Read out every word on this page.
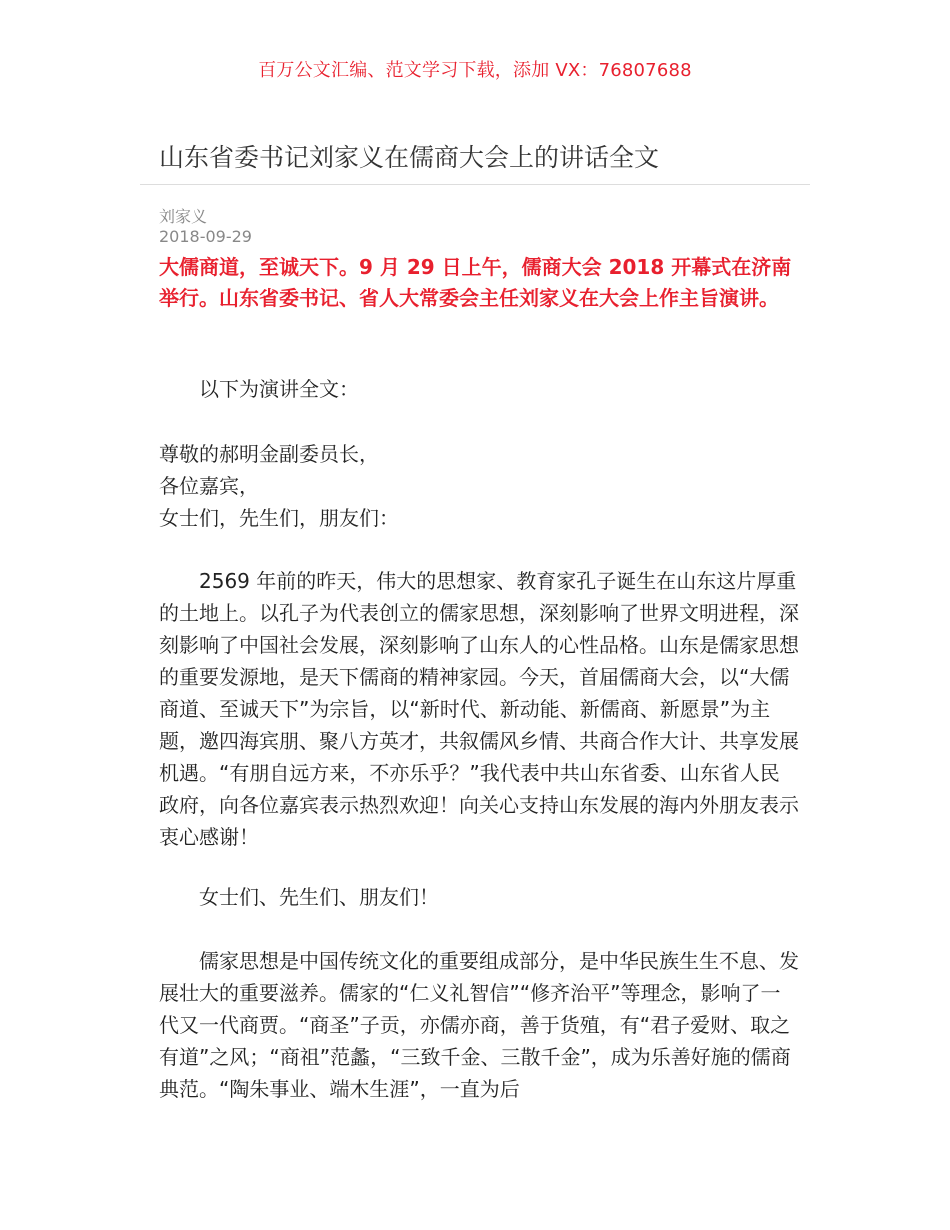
百万公文汇编、范文学习下载，添加 VX：76807688
山东省委书记刘家义在儒商大会上的讲话全文
刘家义
2018-09-29

大儒商道，至诚天下。9 月 29 日上午，儒商大会 2018 开幕式在济南举行。山东省委书记、省人大常委会主任刘家义在大会上作主旨演讲。

以下为演讲全文：

尊敬的郝明金副委员长，

各位嘉宾，

女士们，先生们，朋友们：

2569 年前的昨天，伟大的思想家、教育家孔子诞生在山东这片厚重的土地上。以孔子为代表创立的儒家思想，深刻影响了世界文明进程，深刻影响了中国社会发展，深刻影响了山东人的心性品格。山东是儒家思想的重要发源地，是天下儒商的精神家园。今天，首届儒商大会，以“大儒商道、至诚天下”为宗旨，以“新时代、新动能、新儒商、新愿景”为主题，邀四海宾朋、聚八方英才，共叙儒风乡情、共商合作大计、共享发展机遇。“有朋自远方来，不亦乐乎？”我代表中共山东省委、山东省人民政府，向各位嘉宾表示热烈欢迎！向关心支持山东发展的海内外朋友表示衷心感谢！

女士们、先生们、朋友们！

儒家思想是中国传统文化的重要组成部分，是中华民族生生不息、发展壮大的重要滋养。儒家的“仁义礼智信”“修齐治平”等理念，影响了一代又一代商贾。“商圣”子贡，亦儒亦商，善于货殖，有“君子爱财、取之有道”之风；“商祖”范蠡，“三致千金、三散千金”，成为乐善好施的儒商典范。“陶朱事业、端木生涯”，一直为后
